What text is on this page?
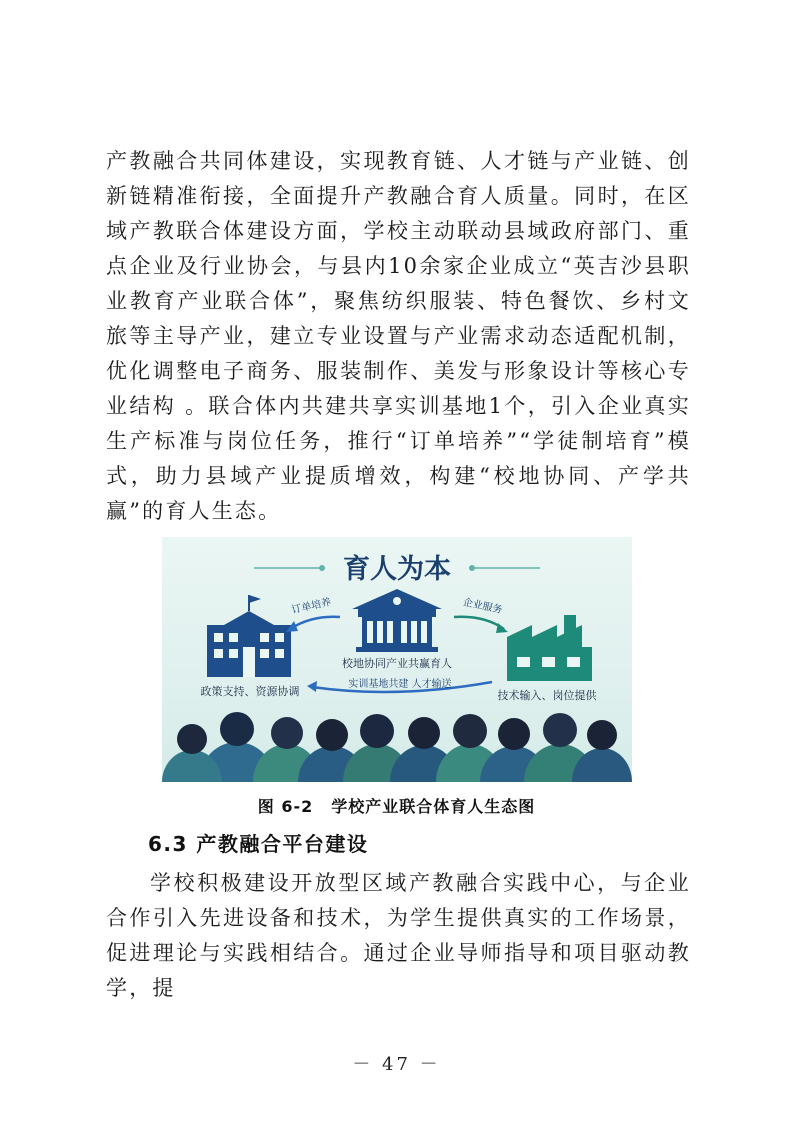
产教融合共同体建设，实现教育链、人才链与产业链、创新链精准衔接，全面提升产教融合育人质量。同时，在区域产教联合体建设方面，学校主动联动县域政府部门、重点企业及行业协会，与县内10余家企业成立“英吉沙县职业教育产业联合体”，聚焦纺织服装、特色餐饮、乡村文旅等主导产业，建立专业设置与产业需求动态适配机制，优化调整电子商务、服装制作、美发与形象设计等核心专业结构 。联合体内共建共享实训基地1个，引入企业真实生产标准与岗位任务，推行“订单培养”“学徒制培育”模式，助力县域产业提质增效，构建“校地协同、产学共赢”的育人生态。

育人为本
校地协同产业共赢育人
政策支持、资源协调	技术输入、岗位提供
订单培养	企业服务
实训基地共建 人才输送
图 6-2 学校产业联合体育人生态图
6.3 产教融合平台建设

学校积极建设开放型区域产教融合实践中心，与企业合作引入先进设备和技术，为学生提供真实的工作场景，促进理论与实践相结合。通过企业导师指导和项目驱动教学，提

－ 47 －
